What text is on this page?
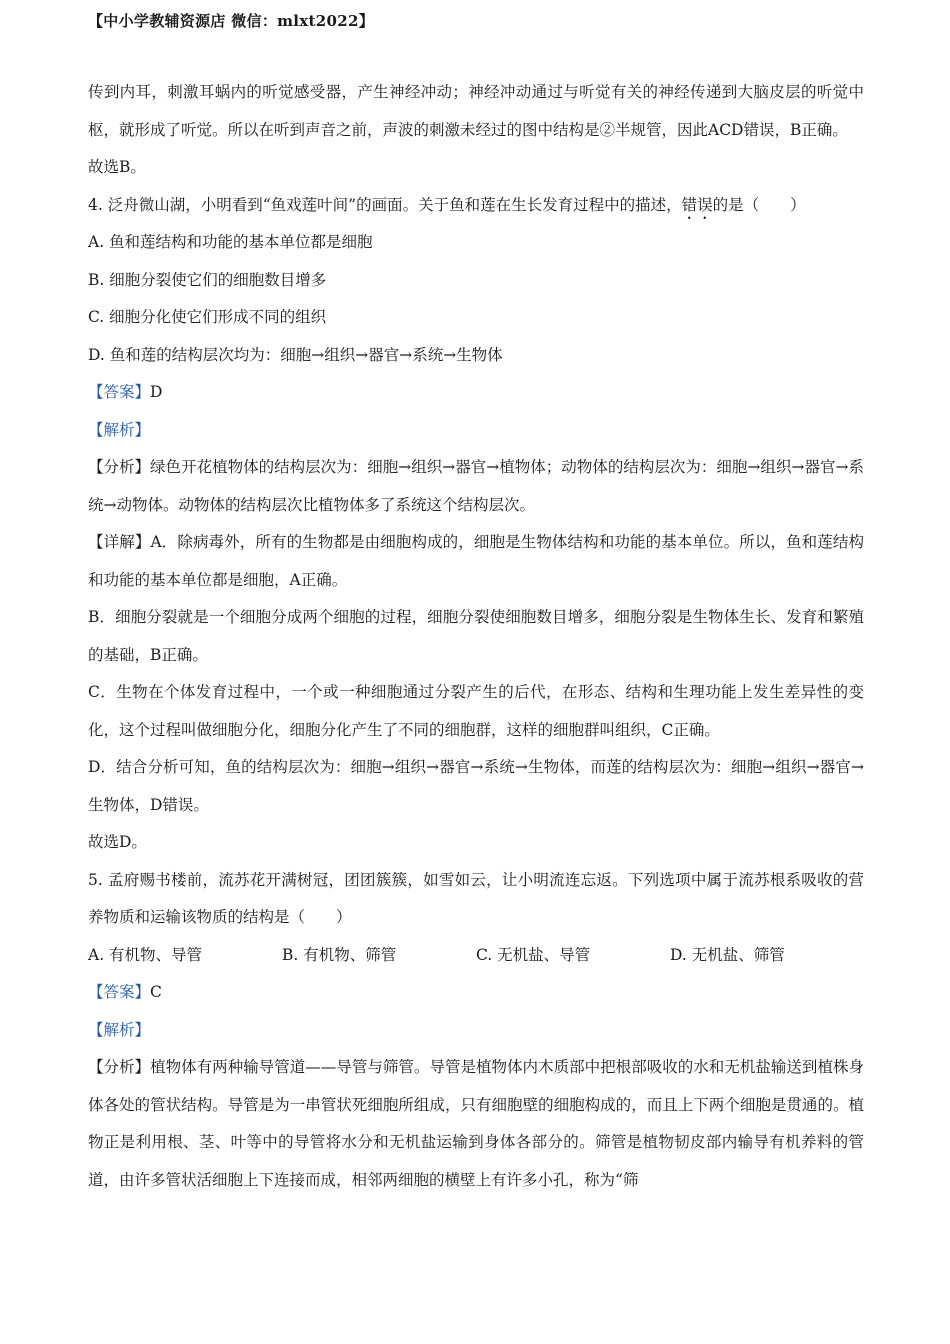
【中小学教辅资源店 微信：mlxt2022】

传到内耳，刺激耳蜗内的听觉感受器，产生神经冲动；神经冲动通过与听觉有关的神经传递到大脑皮层的听觉中枢，就形成了听觉。所以在听到声音之前，声波的刺激未经过的图中结构是②半规管，因此ACD错误，B正确。

故选B。

4. 泛舟微山湖，小明看到“鱼戏莲叶间”的画面。关于鱼和莲在生长发育过程中的描述，错误的是（　　）

A. 鱼和莲结构和功能的基本单位都是细胞

B. 细胞分裂使它们的细胞数目增多

C. 细胞分化使它们形成不同的组织

D. 鱼和莲的结构层次均为：细胞→组织→器官→系统→生物体

【答案】D

【解析】

【分析】绿色开花植物体的结构层次为：细胞→组织→器官→植物体；动物体的结构层次为：细胞→组织→器官→系统→动物体。动物体的结构层次比植物体多了系统这个结构层次。

【详解】A．除病毒外，所有的生物都是由细胞构成的，细胞是生物体结构和功能的基本单位。所以，鱼和莲结构和功能的基本单位都是细胞，A正确。

B．细胞分裂就是一个细胞分成两个细胞的过程，细胞分裂使细胞数目增多，细胞分裂是生物体生长、发育和繁殖的基础，B正确。

C．生物在个体发育过程中，一个或一种细胞通过分裂产生的后代，在形态、结构和生理功能上发生差异性的变化，这个过程叫做细胞分化，细胞分化产生了不同的细胞群，这样的细胞群叫组织，C正确。

D．结合分析可知，鱼的结构层次为：细胞→组织→器官→系统→生物体，而莲的结构层次为：细胞→组织→器官→生物体，D错误。

故选D。

5. 孟府赐书楼前，流苏花开满树冠，团团簇簇，如雪如云，让小明流连忘返。下列选项中属于流苏根系吸收的营养物质和运输该物质的结构是（　　）

A. 有机物、导管	B. 有机物、筛管	C. 无机盐、导管	D. 无机盐、筛管

【答案】C

【解析】

【分析】植物体有两种输导管道——导管与筛管。导管是植物体内木质部中把根部吸收的水和无机盐输送到植株身体各处的管状结构。导管是为一串管状死细胞所组成，只有细胞壁的细胞构成的，而且上下两个细胞是贯通的。植物正是利用根、茎、叶等中的导管将水分和无机盐运输到身体各部分的。筛管是植物韧皮部内输导有机养料的管道，由许多管状活细胞上下连接而成，相邻两细胞的横壁上有许多小孔，称为“筛
